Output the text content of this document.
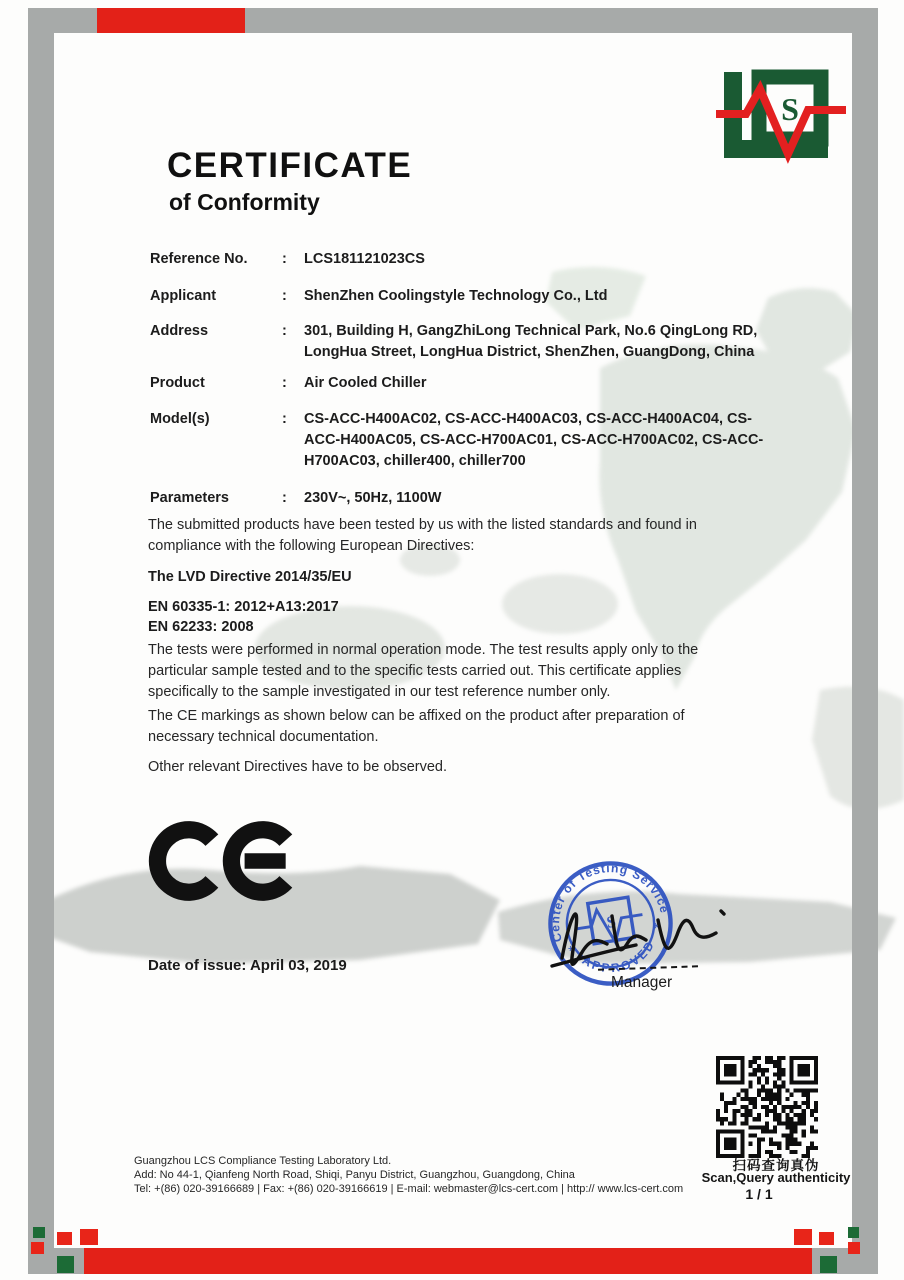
S
CERTIFICATE
of Conformity
Reference No. : LCS181121023CS
Applicant	: ShenZhen Coolingstyle Technology Co., Ltd
Address	: 301, Building H, GangZhiLong Technical Park, No.6 QingLong RD, LongHua Street, LongHua District, ShenZhen, GuangDong, China
Product	: Air Cooled Chiller
Model(s)	: CS-ACC-H400AC02, CS-ACC-H400AC03, CS-ACC-H400AC04, CS-ACC-H400AC05, CS-ACC-H700AC01, CS-ACC-H700AC02, CS-ACC-H700AC03, chiller400, chiller700
Parameters	: 230V~, 50Hz, 1100W
The submitted products have been tested by us with the listed standards and found in compliance with the following European Directives:
The LVD Directive 2014/35/EU
EN 60335-1: 2012+A13:2017
EN 62233: 2008
The tests were performed in normal operation mode. The test results apply only to the particular sample tested and to the specific tests carried out. This certificate applies specifically to the sample investigated in our test reference number only.
The CE markings as shown below can be affixed on the product after preparation of necessary technical documentation.
Other relevant Directives have to be observed.
Date of issue: April 03, 2019
Center of Testing Service
APPROVED
*
*
S
Manager
扫码查询真伪
Scan,Query authenticity
1 / 1
Guangzhou LCS Compliance Testing Laboratory Ltd.
Add: No 44-1, Qianfeng North Road, Shiqi, Panyu District, Guangzhou, Guangdong, China
Tel: +(86) 020-39166689 | Fax: +(86) 020-39166619 | E-mail: webmaster@lcs-cert.com | http:// www.lcs-cert.com
